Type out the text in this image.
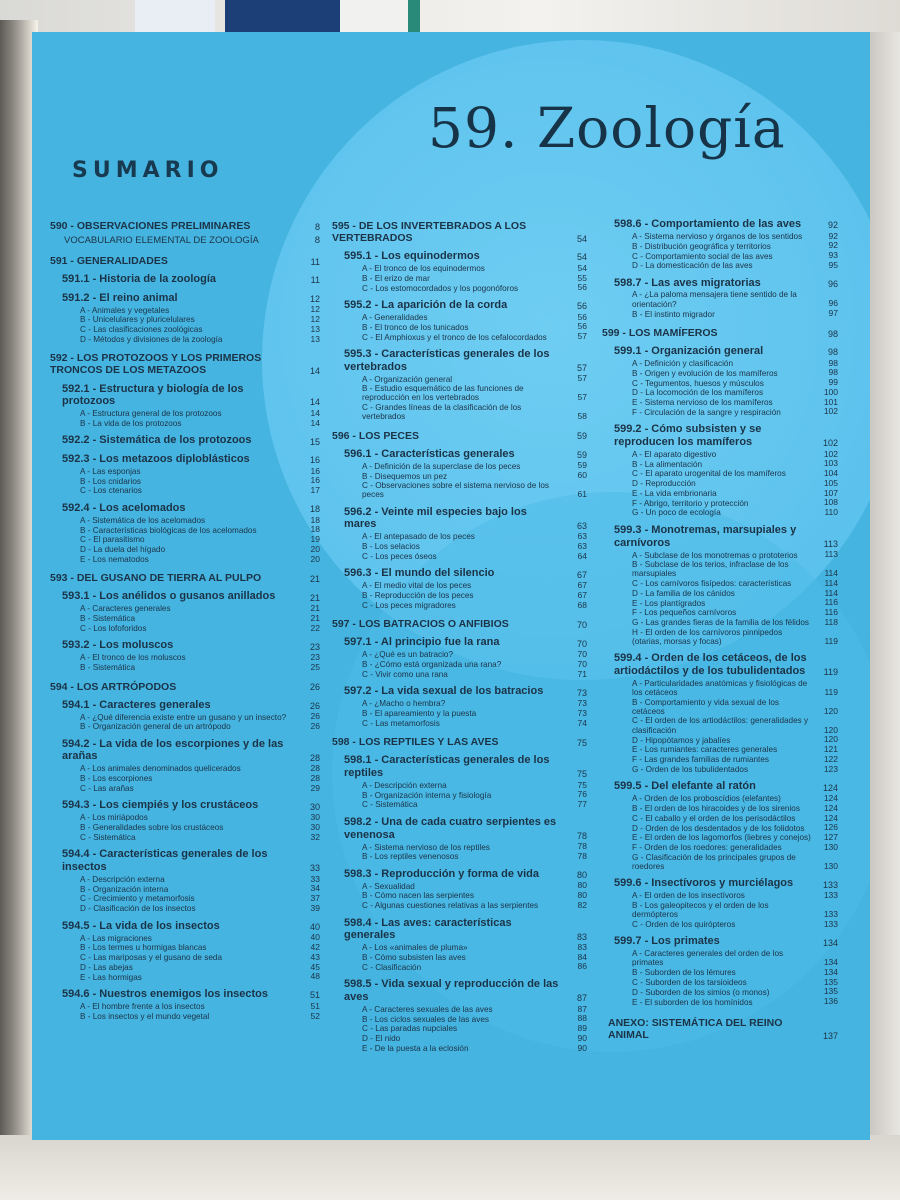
59. Zoología
SUMARIO
590 - OBSERVACIONES PRELIMINARES	8
VOCABULARIO ELEMENTAL DE ZOOLOGÍA	8
591 - GENERALIDADES	11
591.1 - Historia de la zoología	11
591.2 - El reino animal	12
A - Animales y vegetales	12
B - Unicelulares y pluricelulares	12
C - Las clasificaciones zoológicas	13
D - Métodos y divisiones de la zoología	13
592 - LOS PROTOZOOS Y LOS PRIMEROS TRONCOS DE LOS METAZOOS	14
592.1 - Estructura y biología de los protozoos	14
A - Estructura general de los protozoos	14
B - La vida de los protozoos	14
592.2 - Sistemática de los protozoos	15
592.3 - Los metazoos diploblásticos	16
A - Las esponjas	16
B - Los cnidarios	16
C - Los ctenarios	17
592.4 - Los acelomados	18
A - Sistemática de los acelomados	18
B - Características biológicas de los acelomados	18
C - El parasitismo	19
D - La duela del hígado	20
E - Los nematodos	20
593 - DEL GUSANO DE TIERRA AL PULPO	21
593.1 - Los anélidos o gusanos anillados	21
A - Caracteres generales	21
B - Sistemática	21
C - Los lofoforidos	22
593.2 - Los moluscos	23
A - El tronco de los moluscos	23
B - Sistemática	25
594 - LOS ARTRÓPODOS	26
594.1 - Caracteres generales	26
A - ¿Qué diferencia existe entre un gusano y un insecto?	26
B - Organización general de un artrópodo	26
594.2 - La vida de los escorpiones y de las arañas	28
A - Los animales denominados quelicerados	28
B - Los escorpiones	28
C - Las arañas	29
594.3 - Los ciempiés y los crustáceos	30
A - Los miriápodos	30
B - Generalidades sobre los crustáceos	30
C - Sistemática	32
594.4 - Características generales de los insectos	33
A - Descripción externa	33
B - Organización interna	34
C - Crecimiento y metamorfosis	37
D - Clasificación de los insectos	39
594.5 - La vida de los insectos	40
A - Las migraciones	40
B - Los termes u hormigas blancas	42
C - Las mariposas y el gusano de seda	43
D - Las abejas	45
E - Las hormigas	48
594.6 - Nuestros enemigos los insectos	51
A - El hombre frente a los insectos	51
B - Los insectos y el mundo vegetal	52
595 - DE LOS INVERTEBRADOS A LOS VERTEBRADOS	54
595.1 - Los equinodermos	54
A - El tronco de los equinodermos	54
B - El erizo de mar	55
C - Los estomocordados y los pogonóforos	56
595.2 - La aparición de la corda	56
A - Generalidades	56
B - El tronco de los tunicados	56
C - El Amphioxus y el tronco de los cefalocordados	57
595.3 - Características generales de los vertebrados	57
A - Organización general	57
B - Estudio esquemático de las funciones de reproducción en los vertebrados	57
C - Grandes líneas de la clasificación de los vertebrados	58
596 - LOS PECES	59
596.1 - Características generales	59
A - Definición de la superclase de los peces	59
B - Disequemos un pez	60
C - Observaciones sobre el sistema nervioso de los peces	61
596.2 - Veinte mil especies bajo los mares	63
A - El antepasado de los peces	63
B - Los selacios	63
C - Los peces óseos	64
596.3 - El mundo del silencio	67
A - El medio vital de los peces	67
B - Reproducción de los peces	67
C - Los peces migradores	68
597 - LOS BATRACIOS O ANFIBIOS	70
597.1 - Al principio fue la rana	70
A - ¿Qué es un batracio?	70
B - ¿Cómo está organizada una rana?	70
C - Vivir como una rana	71
597.2 - La vida sexual de los batracios	73
A - ¿Macho o hembra?	73
B - El apareamiento y la puesta	73
C - Las metamorfosis	74
598 - LOS REPTILES Y LAS AVES	75
598.1 - Características generales de los reptiles	75
A - Descripción externa	75
B - Organización interna y fisiología	76
C - Sistemática	77
598.2 - Una de cada cuatro serpientes es venenosa	78
A - Sistema nervioso de los reptiles	78
B - Los reptiles venenosos	78
598.3 - Reproducción y forma de vida	80
A - Sexualidad	80
B - Cómo nacen las serpientes	80
C - Algunas cuestiones relativas a las serpientes	82
598.4 - Las aves: características generales	83
A - Los «animales de pluma»	83
B - Cómo subsisten las aves	84
C - Clasificación	86
598.5 - Vida sexual y reproducción de las aves	87
A - Caracteres sexuales de las aves	87
B - Los ciclos sexuales de las aves	88
C - Las paradas nupciales	89
D - El nido	90
E - De la puesta a la eclosión	90
598.6 - Comportamiento de las aves	92
A - Sistema nervioso y órganos de los sentidos	92
B - Distribución geográfica y territorios	92
C - Comportamiento social de las aves	93
D - La domesticación de las aves	95
598.7 - Las aves migratorias	96
A - ¿La paloma mensajera tiene sentido de la orientación?	96
B - El instinto migrador	97
599 - LOS MAMÍFEROS	98
599.1 - Organización general	98
A - Definición y clasificación	98
B - Origen y evolución de los mamíferos	98
C - Tegumentos, huesos y músculos	99
D - La locomoción de los mamíferos	100
E - Sistema nervioso de los mamíferos	101
F - Circulación de la sangre y respiración	102
599.2 - Cómo subsisten y se reproducen los mamíferos	102
A - El aparato digestivo	102
B - La alimentación	103
C - El aparato urogenital de los mamíferos	104
D - Reproducción	105
E - La vida embrionaria	107
F - Abrigo, territorio y protección	108
G - Un poco de ecología	110
599.3 - Monotremas, marsupiales y carnívoros	113
A - Subclase de los monotremas o prototerios	113
B - Subclase de los terios, infraclase de los marsupiales	114
C - Los carnívoros fisípedos: características	114
D - La familia de los cánidos	114
E - Los plantígrados	116
F - Los pequeños carnívoros	116
G - Las grandes fieras de la familia de los félidos	118
H - El orden de los carnívoros pinnipedos (otarias, morsas y focas)	119
599.4 - Orden de los cetáceos, de los artiodáctilos y de los tubulidentados	119
A - Particularidades anatómicas y fisiológicas de los cetáceos	119
B - Comportamiento y vida sexual de los cetáceos	120
C - El orden de los artiodáctilos: generalidades y clasificación	120
D - Hipopótamos y jabalíes	120
E - Los rumiantes: caracteres generales	121
F - Las grandes familias de rumiantes	122
G - Orden de los tubulidentados	123
599.5 - Del elefante al ratón	124
A - Orden de los proboscídios (elefantes)	124
B - El orden de los hiracoides y de los sirenios	124
C - El caballo y el orden de los perisodáctilos	124
D - Orden de los desdentados y de los folidotos	126
E - El orden de los lagomorfos (liebres y conejos)	127
F - Orden de los roedores: generalidades	130
G - Clasificación de los principales grupos de roedores	130
599.6 - Insectívoros y murciélagos	133
A - El orden de los insectívoros	133
B - Los galeopitecos y el orden de los dermópteros	133
C - Orden de los quirópteros	133
599.7 - Los primates	134
A - Caracteres generales del orden de los primates	134
B - Suborden de los lémures	134
C - Suborden de los tarsioideos	135
D - Suborden de los simios (o monos)	135
E - El suborden de los homínidos	136
ANEXO: SISTEMÁTICA DEL REINO ANIMAL	137
